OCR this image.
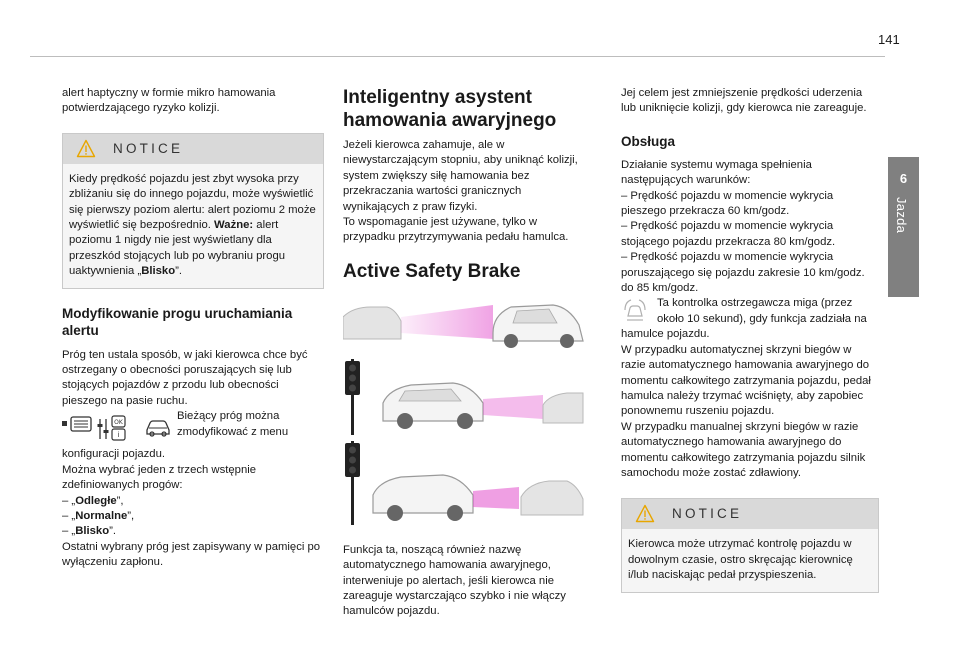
141
6
Jazda

alert haptyczny w formie mikro hamowania potwierdzającego ryzyko kolizji.

NOTICE

Kiedy prędkość pojazdu jest zbyt wysoka przy zbliżaniu się do innego pojazdu, może wyświetlić się pierwszy poziom alertu: alert poziomu 2 może wyświetlić się bezpośrednio. Ważne: alert poziomu 1 nigdy nie jest wyświetlany dla przeszkód stojących lub po wybraniu progu uaktywnienia „Blisko”.

Modyfikowanie progu uruchamiania alertu

Próg ten ustala sposób, w jaki kierowca chce być ostrzegany o obecności poruszających się lub stojących pojazdów z przodu lub obecności pieszego na pasie ruchu.

OK
i
Bieżący próg można zmodyfikować z menu

konfiguracji pojazdu.

Można wybrać jeden z trzech wstępnie zdefiniowanych progów:

– „Odległe”,

– „Normalne”,

– „Blisko”.

Ostatni wybrany próg jest zapisywany w pamięci po wyłączeniu zapłonu.

Inteligentny asystent hamowania awaryjnego

Jeżeli kierowca zahamuje, ale w niewystarczającym stopniu, aby uniknąć kolizji, system zwiększy siłę hamowania bez przekraczania wartości granicznych wynikających z praw fizyki.

To wspomaganie jest używane, tylko w przypadku przytrzymywania pedału hamulca.

Active Safety Brake

Funkcja ta, noszącą również nazwę automatycznego hamowania awaryjnego, interweniuje po alertach, jeśli kierowca nie zareaguje wystarczająco szybko i nie włączy hamulców pojazdu.

Jej celem jest zmniejszenie prędkości uderzenia lub uniknięcie kolizji, gdy kierowca nie zareaguje.

Obsługa

Działanie systemu wymaga spełnienia następujących warunków:

– Prędkość pojazdu w momencie wykrycia pieszego przekracza 60 km/godz.

– Prędkość pojazdu w momencie wykrycia stojącego pojazdu przekracza 80 km/godz.

– Prędkość pojazdu w momencie wykrycia poruszającego się pojazdu zakresie 10 km/godz. do 85 km/godz.

Ta kontrolka ostrzegawcza miga (przez około 10 sekund), gdy funkcja zadziała na

hamulce pojazdu.

W przypadku automatycznej skrzyni biegów w razie automatycznego hamowania awaryjnego do momentu całkowitego zatrzymania pojazdu, pedał hamulca należy trzymać wciśnięty, aby zapobiec ponownemu ruszeniu pojazdu.

W przypadku manualnej skrzyni biegów w razie automatycznego hamowania awaryjnego do momentu całkowitego zatrzymania pojazdu silnik samochodu może zostać zdławiony.

NOTICE

Kierowca może utrzymać kontrolę pojazdu w dowolnym czasie, ostro skręcając kierownicę i/lub naciskając pedał przyspieszenia.
